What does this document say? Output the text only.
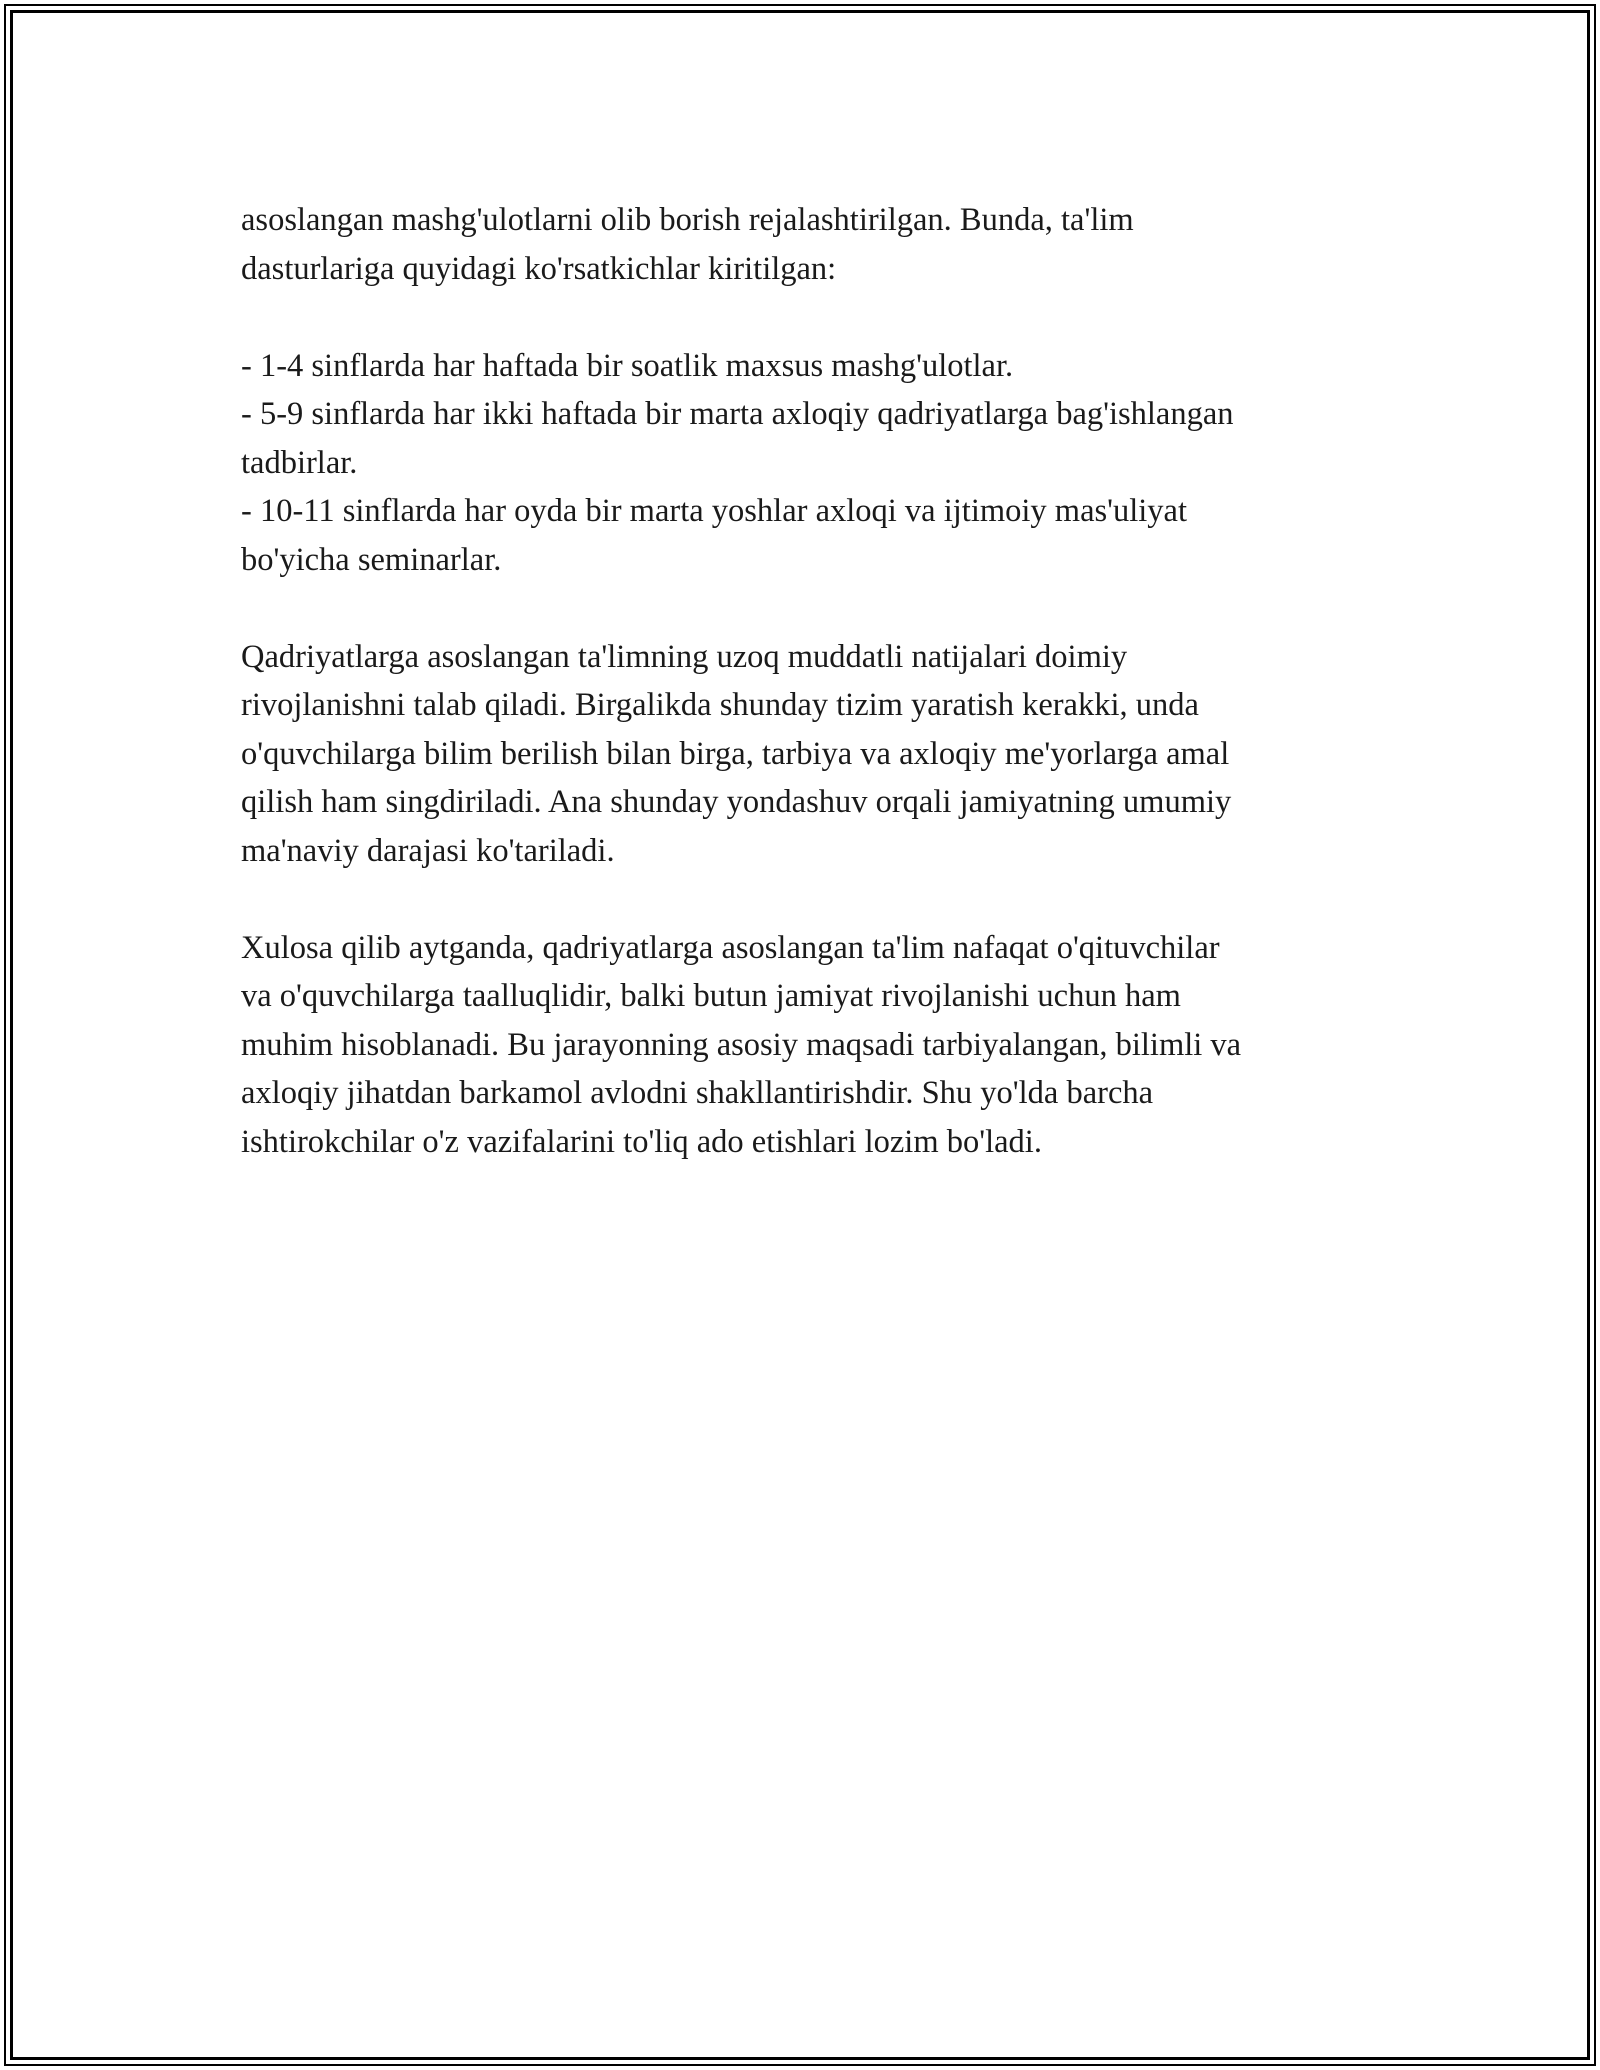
asoslangan mashg'ulotlarni olib borish rejalashtirilgan. Bunda, ta'lim

dasturlariga quyidagi ko'rsatkichlar kiritilgan:

- 1-4 sinflarda har haftada bir soatlik maxsus mashg'ulotlar.

- 5-9 sinflarda har ikki haftada bir marta axloqiy qadriyatlarga bag'ishlangan

tadbirlar.

- 10-11 sinflarda har oyda bir marta yoshlar axloqi va ijtimoiy mas'uliyat

bo'yicha seminarlar.

Qadriyatlarga asoslangan ta'limning uzoq muddatli natijalari doimiy

rivojlanishni talab qiladi. Birgalikda shunday tizim yaratish kerakki, unda

o'quvchilarga bilim berilish bilan birga, tarbiya va axloqiy me'yorlarga amal

qilish ham singdiriladi. Ana shunday yondashuv orqali jamiyatning umumiy

ma'naviy darajasi ko'tariladi.

Xulosa qilib aytganda, qadriyatlarga asoslangan ta'lim nafaqat o'qituvchilar

va o'quvchilarga taalluqlidir, balki butun jamiyat rivojlanishi uchun ham

muhim hisoblanadi. Bu jarayonning asosiy maqsadi tarbiyalangan, bilimli va

axloqiy jihatdan barkamol avlodni shakllantirishdir. Shu yo'lda barcha

ishtirokchilar o'z vazifalarini to'liq ado etishlari lozim bo'ladi.
